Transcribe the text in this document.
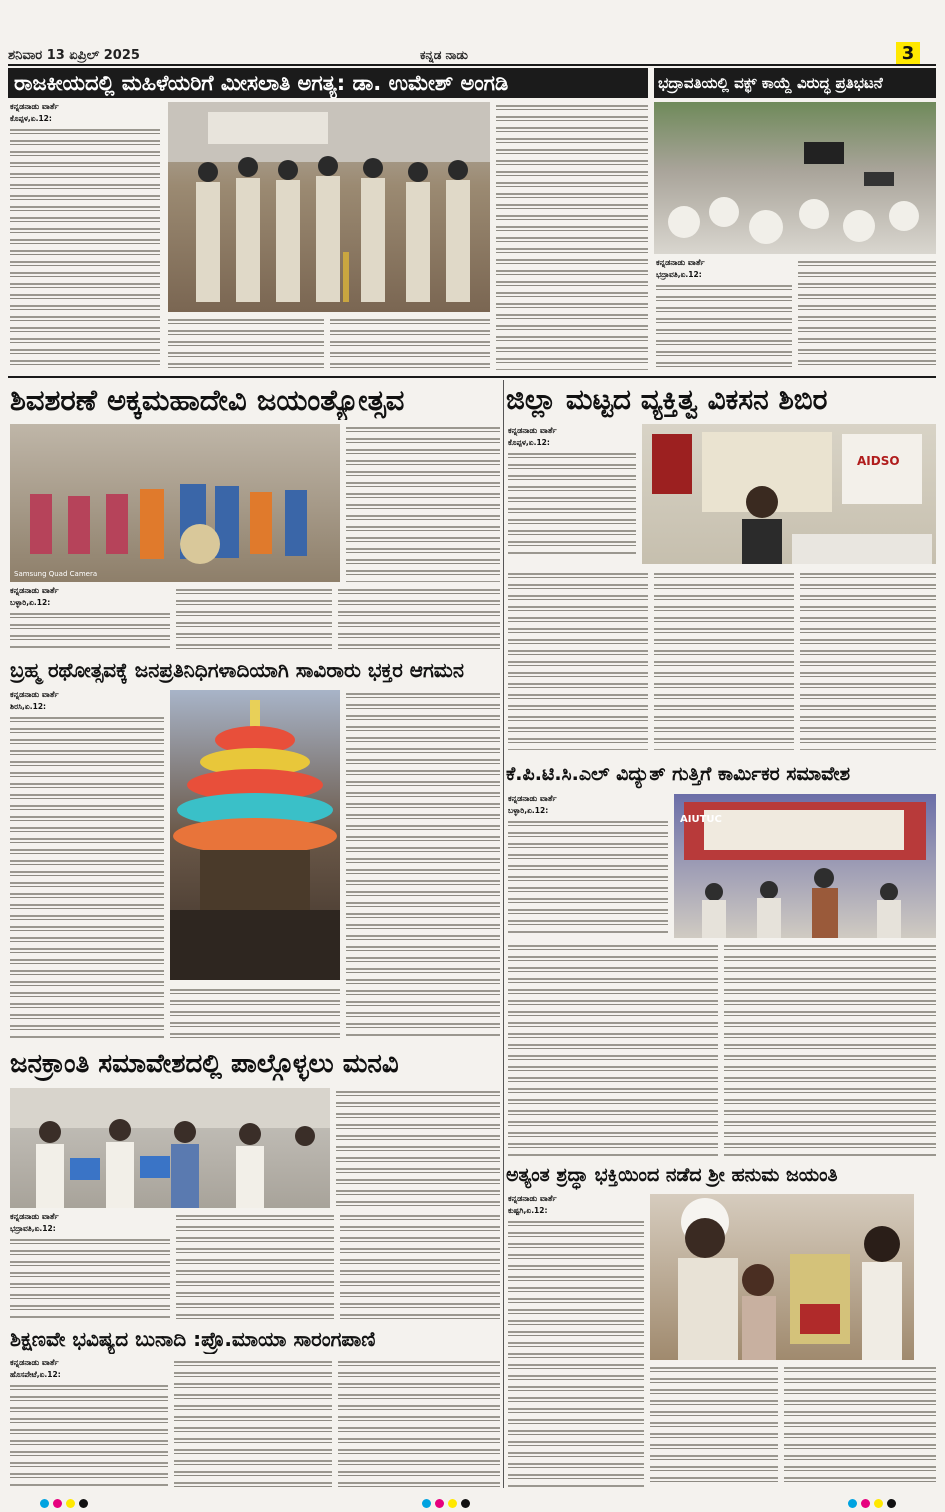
ಶನಿವಾರ 13 ಏಪ್ರಿಲ್ 2025	ಕನ್ನಡ ನಾಡು	3
ರಾಜಕೀಯದಲ್ಲಿ ಮಹಿಳೆಯರಿಗೆ ಮೀಸಲಾತಿ ಅಗತ್ಯ: ಡಾ. ಉಮೇಶ್ ಅಂಗಡಿ
ಕನ್ನಡನಾಡು ವಾರ್ತೆ
ಕೊಪ್ಪಳ,ಏ.12:
ಭದ್ರಾವತಿಯಲ್ಲಿ ವಕ್ಫ್ ಕಾಯ್ದೆ ವಿರುದ್ಧ ಪ್ರತಿಭಟನೆ
ಕನ್ನಡನಾಡು ವಾರ್ತೆ
ಭದ್ರಾವತಿ,ಏ.12:
ಶಿವಶರಣೆ ಅಕ್ಕಮಹಾದೇವಿ ಜಯಂತ್ಯೋತ್ಸವ
Samsung Quad Camera
ಕನ್ನಡನಾಡು ವಾರ್ತೆ
ಬಳ್ಳಾರಿ,ಏ.12:
ಜಿಲ್ಲಾ ಮಟ್ಟದ ವ್ಯಕ್ತಿತ್ವ ವಿಕಸನ ಶಿಬಿರ
ಕನ್ನಡನಾಡು ವಾರ್ತೆ
ಕೊಪ್ಪಳ,ಏ.12:
AIDSO
ಬ್ರಹ್ಮ ರಥೋತ್ಸವಕ್ಕೆ ಜನಪ್ರತಿನಿಧಿಗಳಾದಿಯಾಗಿ ಸಾವಿರಾರು ಭಕ್ತರ ಆಗಮನ
ಕನ್ನಡನಾಡು ವಾರ್ತೆ
ಶಿರಸಿ,ಏ.12:
ಕೆ.ಪಿ.ಟಿ.ಸಿ.ಎಲ್ ವಿದ್ಯುತ್ ಗುತ್ತಿಗೆ ಕಾರ್ಮಿಕರ ಸಮಾವೇಶ
ಕನ್ನಡನಾಡು ವಾರ್ತೆ
ಬಳ್ಳಾರಿ,ಏ.12:
AIUTUC
ಜನಕ್ರಾಂತಿ ಸಮಾವೇಶದಲ್ಲಿ ಪಾಲ್ಗೊಳ್ಳಲು ಮನವಿ
ಕನ್ನಡನಾಡು ವಾರ್ತೆ
ಭದ್ರಾವತಿ,ಏ.12:
ಅತ್ಯಂತ ಶ್ರದ್ಧಾ ಭಕ್ತಿಯಿಂದ ನಡೆದ ಶ್ರೀ ಹನುಮ ಜಯಂತಿ
ಕನ್ನಡನಾಡು ವಾರ್ತೆ
ಕುಷ್ಟಗಿ,ಏ.12:
ಶಿಕ್ಷಣವೇ ಭವಿಷ್ಯದ ಬುನಾದಿ :ಪ್ರೊ.ಮಾಯಾ ಸಾರಂಗಪಾಣಿ
ಕನ್ನಡನಾಡು ವಾರ್ತೆ
ಹೊಸಪೇಟೆ,ಏ.12:
